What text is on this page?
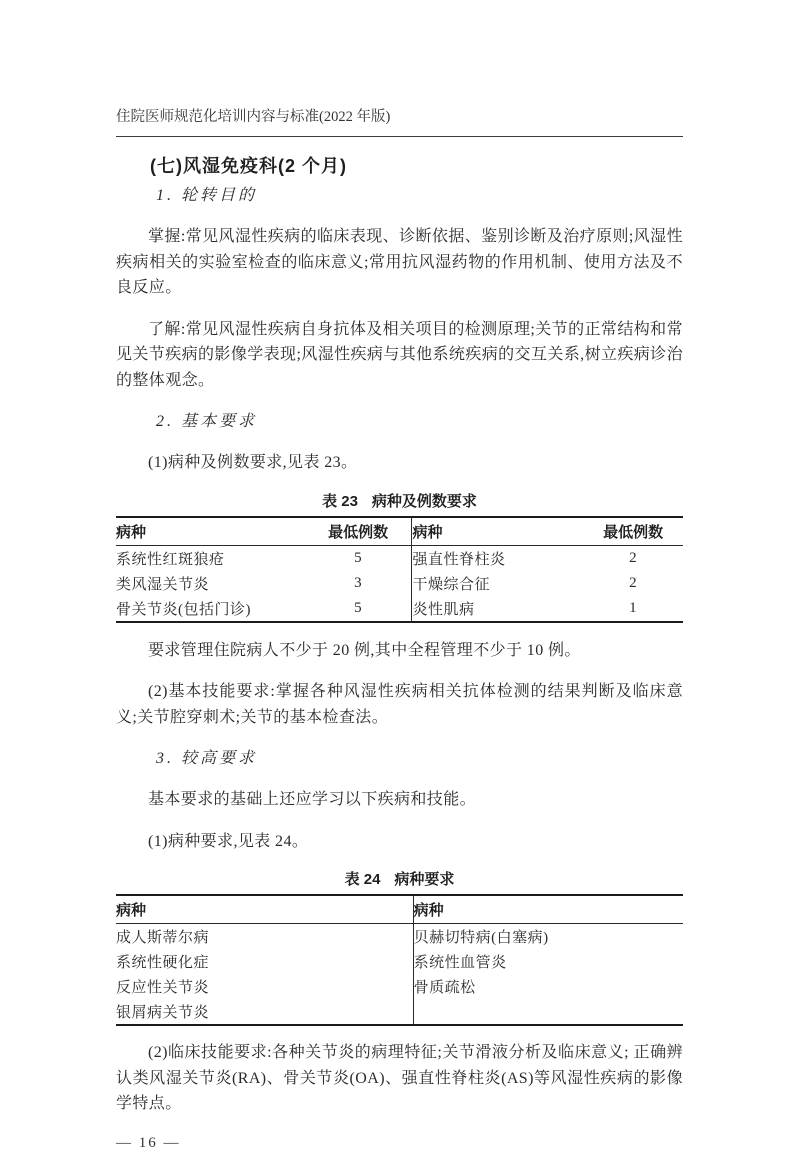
住院医师规范化培训内容与标准(2022 年版)
(七)风湿免疫科(2 个月)
1. 轮转目的

掌握:常见风湿性疾病的临床表现、诊断依据、鉴别诊断及治疗原则;风湿性疾病相关的实验室检查的临床意义;常用抗风湿药物的作用机制、使用方法及不良反应。

了解:常见风湿性疾病自身抗体及相关项目的检测原理;关节的正常结构和常见关节疾病的影像学表现;风湿性疾病与其他系统疾病的交互关系,树立疾病诊治的整体观念。

2. 基本要求

(1)病种及例数要求,见表 23。

表 23 病种及例数要求
病种	最低例数	病种	最低例数
系统性红斑狼疮	5	强直性脊柱炎	2
类风湿关节炎	3	干燥综合征	2
骨关节炎(包括门诊)	5	炎性肌病	1

要求管理住院病人不少于 20 例,其中全程管理不少于 10 例。

(2)基本技能要求:掌握各种风湿性疾病相关抗体检测的结果判断及临床意义;关节腔穿刺术;关节的基本检查法。

3. 较高要求

基本要求的基础上还应学习以下疾病和技能。

(1)病种要求,见表 24。

表 24 病种要求
病种	病种
成人斯蒂尔病	贝赫切特病(白塞病)
系统性硬化症	系统性血管炎
反应性关节炎	骨质疏松
银屑病关节炎	

(2)临床技能要求:各种关节炎的病理特征;关节滑液分析及临床意义; 正确辨认类风湿关节炎(RA)、骨关节炎(OA)、强直性脊柱炎(AS)等风湿性疾病的影像学特点。

— 16 —
